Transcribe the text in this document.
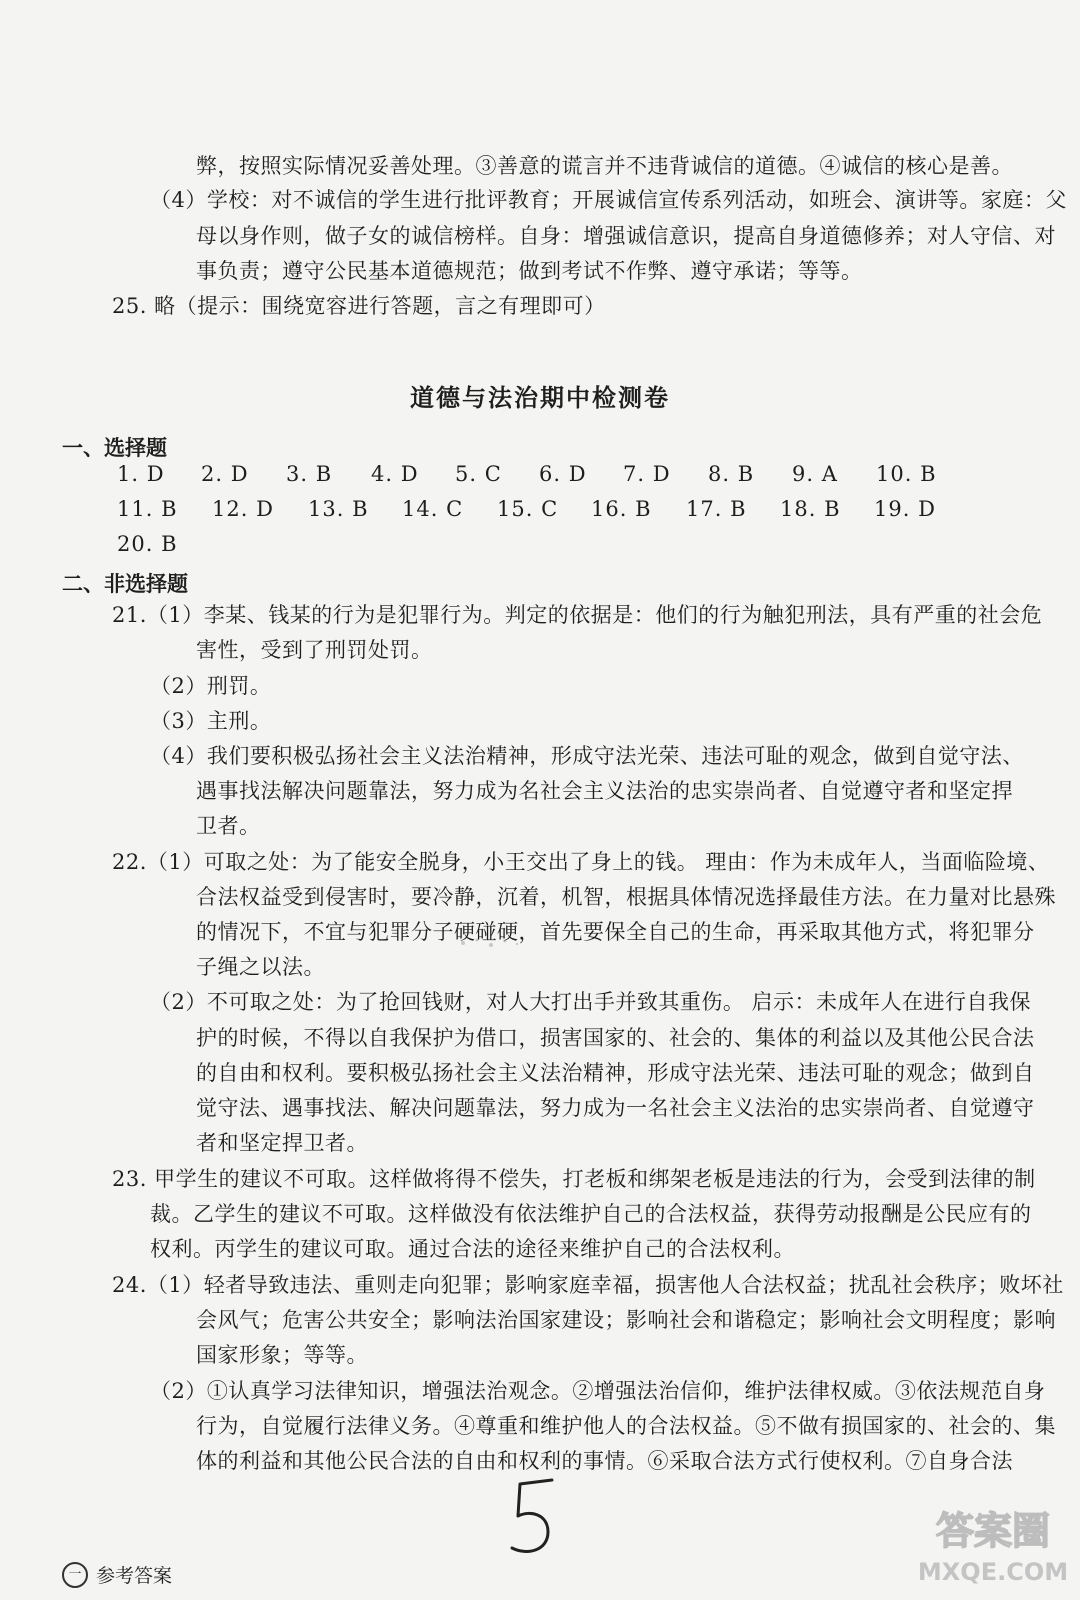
弊，按照实际情况妥善处理。③善意的谎言并不违背诚信的道德。④诚信的核心是善。
（4）学校：对不诚信的学生进行批评教育；开展诚信宣传系列活动，如班会、演讲等。家庭：父
母以身作则，做子女的诚信榜样。自身：增强诚信意识，提高自身道德修养；对人守信、对
事负责；遵守公民基本道德规范；做到考试不作弊、遵守承诺；等等。
25. 略（提示：围绕宽容进行答题，言之有理即可）
道德与法治期中检测卷
一、选择题
1. D 2. D 3. B 4. D 5. C 6. D 7. D 8. B 9. A 10. B
11. B 12. D 13. B 14. C 15. C 16. B 17. B 18. B 19. D
20. B
二、非选择题
21.（1）李某、钱某的行为是犯罪行为。判定的依据是：他们的行为触犯刑法，具有严重的社会危
害性，受到了刑罚处罚。
（2）刑罚。
（3）主刑。
（4）我们要积极弘扬社会主义法治精神，形成守法光荣、违法可耻的观念，做到自觉守法、
遇事找法解决问题靠法，努力成为名社会主义法治的忠实崇尚者、自觉遵守者和坚定捍
卫者。
22.（1）可取之处：为了能安全脱身，小王交出了身上的钱。 理由：作为未成年人，当面临险境、
合法权益受到侵害时，要冷静，沉着，机智，根据具体情况选择最佳方法。在力量对比悬殊
的情况下，不宜与犯罪分子硬碰硬，首先要保全自己的生命，再采取其他方式，将犯罪分
子绳之以法。
（2）不可取之处：为了抢回钱财，对人大打出手并致其重伤。 启示：未成年人在进行自我保
护的时候，不得以自我保护为借口，损害国家的、社会的、集体的利益以及其他公民合法
的自由和权利。要积极弘扬社会主义法治精神，形成守法光荣、违法可耻的观念；做到自
觉守法、遇事找法、解决问题靠法，努力成为一名社会主义法治的忠实崇尚者、自觉遵守
者和坚定捍卫者。
23. 甲学生的建议不可取。这样做将得不偿失，打老板和绑架老板是违法的行为，会受到法律的制
裁。乙学生的建议不可取。这样做没有依法维护自己的合法权益，获得劳动报酬是公民应有的
权利。丙学生的建议可取。通过合法的途径来维护自己的合法权利。
24.（1）轻者导致违法、重则走向犯罪；影响家庭幸福，损害他人合法权益；扰乱社会秩序；败坏社
会风气；危害公共安全；影响法治国家建设；影响社会和谐稳定；影响社会文明程度；影响
国家形象；等等。
（2）①认真学习法律知识，增强法治观念。②增强法治信仰，维护法律权威。③依法规范自身
行为，自觉履行法律义务。④尊重和维护他人的合法权益。⑤不做有损国家的、社会的、集
体的利益和其他公民合法的自由和权利的事情。⑥采取合法方式行使权利。⑦自身合法
一 参考答案
答案圈
MXQE.COM
